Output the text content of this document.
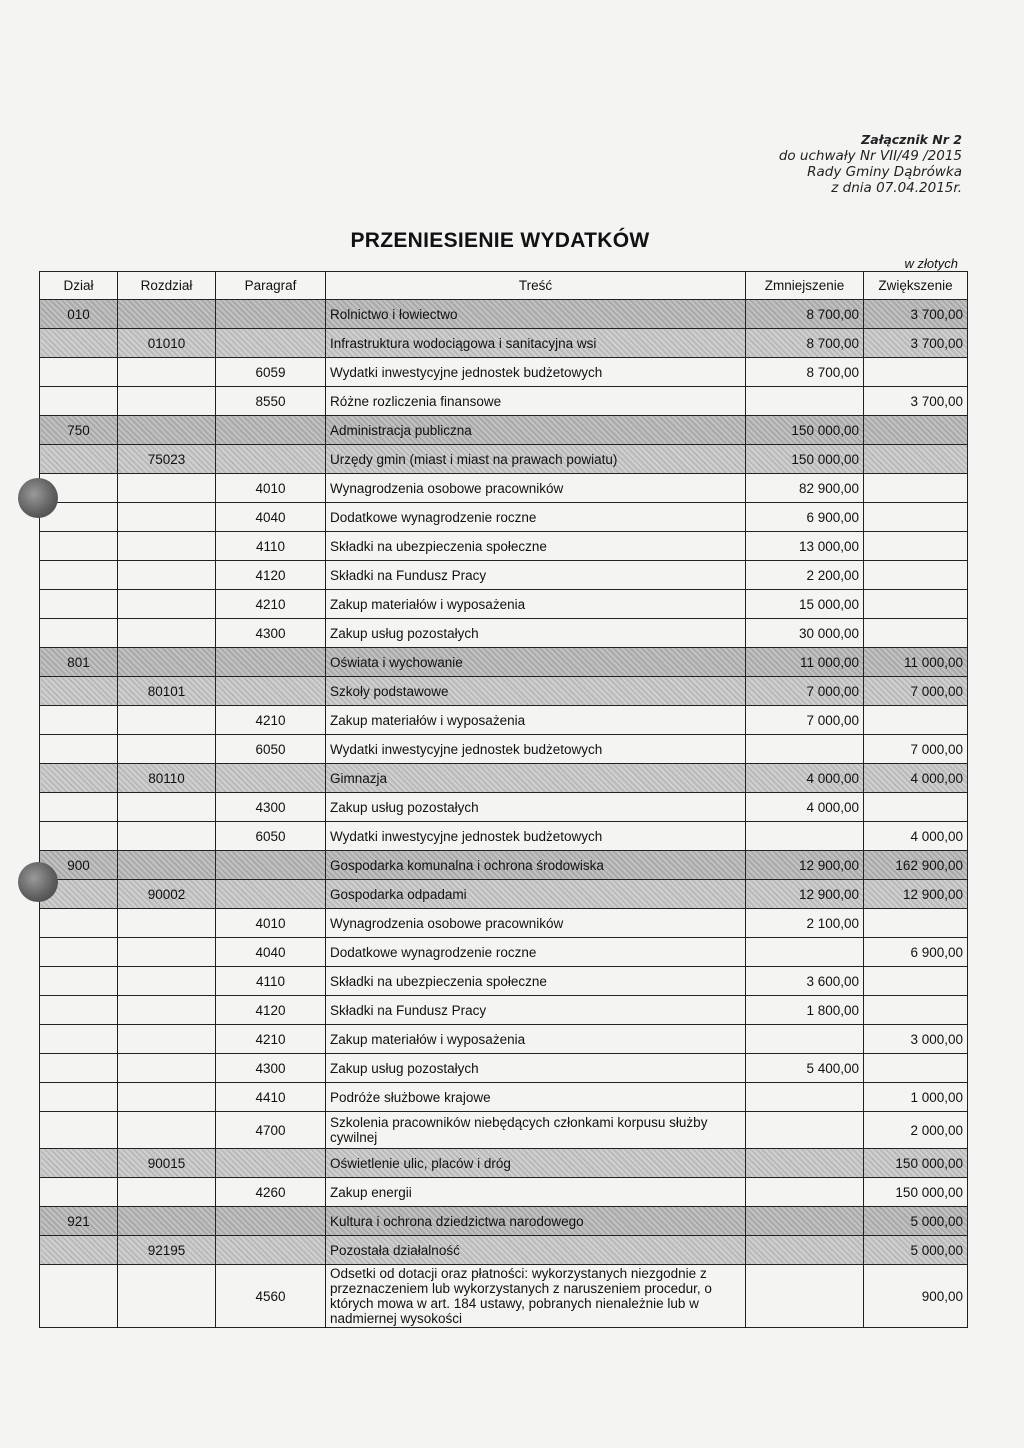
Załącznik Nr 2
do uchwały Nr VII/49 /2015
Rady Gminy Dąbrówka
z dnia 07.04.2015r.
PRZENIESIENIE WYDATKÓW
w złotych
Dział	Rozdział	Paragraf	Treść	Zmniejszenie	Zwiększenie
010			Rolnictwo i łowiectwo	8 700,00	3 700,00
	01010		Infrastruktura wodociągowa i sanitacyjna wsi	8 700,00	3 700,00
		6059	Wydatki inwestycyjne jednostek budżetowych	8 700,00	
		8550	Różne rozliczenia finansowe		3 700,00
750			Administracja publiczna	150 000,00	
	75023		Urzędy gmin (miast i miast na prawach powiatu)	150 000,00	
		4010	Wynagrodzenia osobowe pracowników	82 900,00	
		4040	Dodatkowe wynagrodzenie roczne	6 900,00	
		4110	Składki na ubezpieczenia społeczne	13 000,00	
		4120	Składki na Fundusz Pracy	2 200,00	
		4210	Zakup materiałów i wyposażenia	15 000,00	
		4300	Zakup usług pozostałych	30 000,00	
801			Oświata i wychowanie	11 000,00	11 000,00
	80101		Szkoły podstawowe	7 000,00	7 000,00
		4210	Zakup materiałów i wyposażenia	7 000,00	
		6050	Wydatki inwestycyjne jednostek budżetowych		7 000,00
	80110		Gimnazja	4 000,00	4 000,00
		4300	Zakup usług pozostałych	4 000,00	
		6050	Wydatki inwestycyjne jednostek budżetowych		4 000,00
900			Gospodarka komunalna i ochrona środowiska	12 900,00	162 900,00
	90002		Gospodarka odpadami	12 900,00	12 900,00
		4010	Wynagrodzenia osobowe pracowników	2 100,00	
		4040	Dodatkowe wynagrodzenie roczne		6 900,00
		4110	Składki na ubezpieczenia społeczne	3 600,00	
		4120	Składki na Fundusz Pracy	1 800,00	
		4210	Zakup materiałów i wyposażenia		3 000,00
		4300	Zakup usług pozostałych	5 400,00	
		4410	Podróże służbowe krajowe		1 000,00
		4700	Szkolenia pracowników niebędących członkami korpusu służby cywilnej		2 000,00
	90015		Oświetlenie ulic, placów i dróg		150 000,00
		4260	Zakup energii		150 000,00
921			Kultura i ochrona dziedzictwa narodowego		5 000,00
	92195		Pozostała działalność		5 000,00
		4560	Odsetki od dotacji oraz płatności: wykorzystanych niezgodnie z przeznaczeniem lub wykorzystanych z naruszeniem procedur, o których mowa w art. 184 ustawy, pobranych nienależnie lub w nadmiernej wysokości		900,00
